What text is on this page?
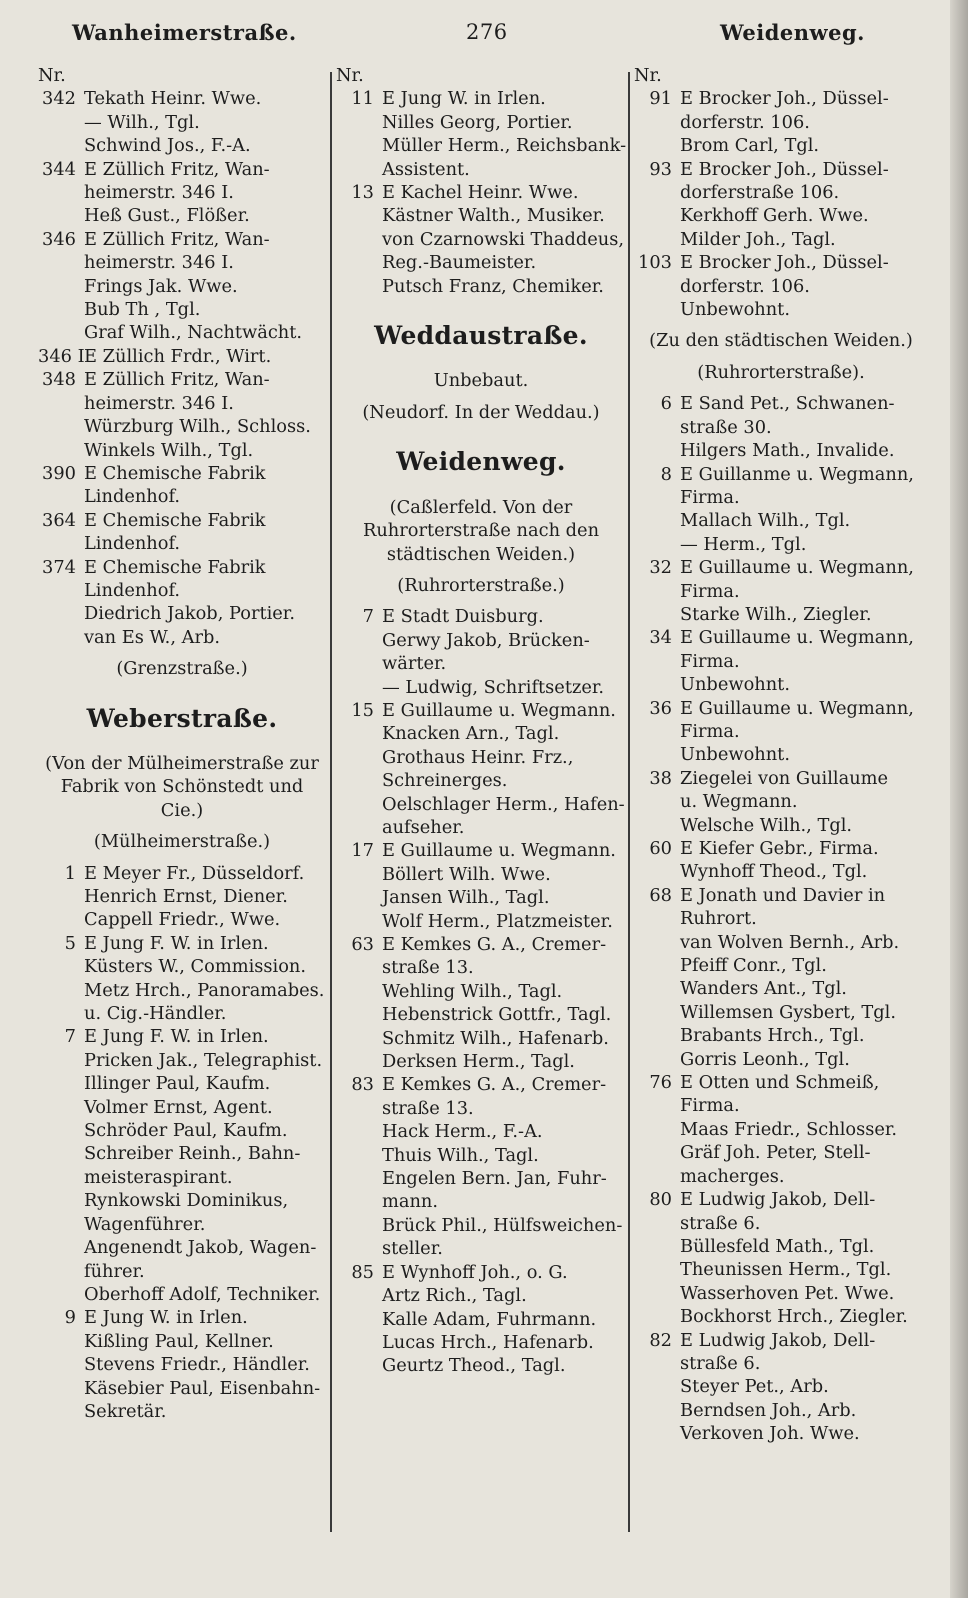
Wanheimerstraße.	276	Weidenweg.
Nr.
342 Tekath Heinr. Wwe.
— Wilh., Tgl.
Schwind Jos., F.-A.
344 E Züllich Fritz, Wan-
heimerstr. 346 I.
Heß Gust., Flößer.
346 E Züllich Fritz, Wan-
heimerstr. 346 I.
Frings Jak. Wwe.
Bub Th , Tgl.
Graf Wilh., Nachtwächt.
346 IE Züllich Frdr., Wirt.
348 E Züllich Fritz, Wan-
heimerstr. 346 I.
Würzburg Wilh., Schloss.
Winkels Wilh., Tgl.
390 E Chemische Fabrik
Lindenhof.
364 E Chemische Fabrik
Lindenhof.
374 E Chemische Fabrik
Lindenhof.
Diedrich Jakob, Portier.
van Es W., Arb.
(Grenzstraße.)
Weberstraße.
(Von der Mülheimerstraße zur Fabrik von Schönstedt und Cie.)
(Mülheimerstraße.)
1 E Meyer Fr., Düsseldorf.
Henrich Ernst, Diener.
Cappell Friedr., Wwe.
5 E Jung F. W. in Irlen.
Küsters W., Commission.
Metz Hrch., Panoramabes.
u. Cig.-Händler.
7 E Jung F. W. in Irlen.
Pricken Jak., Telegraphist.
Illinger Paul, Kaufm.
Volmer Ernst, Agent.
Schröder Paul, Kaufm.
Schreiber Reinh., Bahn-
meisteraspirant.
Rynkowski Dominikus,
Wagenführer.
Angenendt Jakob, Wagen-
führer.
Oberhoff Adolf, Techniker.
9 E Jung W. in Irlen.
Kißling Paul, Kellner.
Stevens Friedr., Händler.
Käsebier Paul, Eisenbahn-
Sekretär.
Nr.
11 E Jung W. in Irlen.
Nilles Georg, Portier.
Müller Herm., Reichsbank-
Assistent.
13 E Kachel Heinr. Wwe.
Kästner Walth., Musiker.
von Czarnowski Thaddeus,
Reg.-Baumeister.
Putsch Franz, Chemiker.
Weddaustraße.
Unbebaut.
(Neudorf. In der Weddau.)
Weidenweg.
(Caßlerfeld. Von der Ruhrorterstraße nach den städtischen Weiden.)
(Ruhrorterstraße.)
7 E Stadt Duisburg.
Gerwy Jakob, Brücken-
wärter.
— Ludwig, Schriftsetzer.
15 E Guillaume u. Wegmann.
Knacken Arn., Tagl.
Grothaus Heinr. Frz.,
Schreinerges.
Oelschlager Herm., Hafen-
aufseher.
17 E Guillaume u. Wegmann.
Böllert Wilh. Wwe.
Jansen Wilh., Tagl.
Wolf Herm., Platzmeister.
63 E Kemkes G. A., Cremer-
straße 13.
Wehling Wilh., Tagl.
Hebenstrick Gottfr., Tagl.
Schmitz Wilh., Hafenarb.
Derksen Herm., Tagl.
83 E Kemkes G. A., Cremer-
straße 13.
Hack Herm., F.-A.
Thuis Wilh., Tagl.
Engelen Bern. Jan, Fuhr-
mann.
Brück Phil., Hülfsweichen-
steller.
85 E Wynhoff Joh., o. G.
Artz Rich., Tagl.
Kalle Adam, Fuhrmann.
Lucas Hrch., Hafenarb.
Geurtz Theod., Tagl.
Nr.
91 E Brocker Joh., Düssel-
dorferstr. 106.
Brom Carl, Tgl.
93 E Brocker Joh., Düssel-
dorferstraße 106.
Kerkhoff Gerh. Wwe.
Milder Joh., Tagl.
103 E Brocker Joh., Düssel-
dorferstr. 106.
Unbewohnt.
(Zu den städtischen Weiden.)
(Ruhrorterstraße).
6 E Sand Pet., Schwanen-
straße 30.
Hilgers Math., Invalide.
8 E Guillanme u. Wegmann,
Firma.
Mallach Wilh., Tgl.
— Herm., Tgl.
32 E Guillaume u. Wegmann,
Firma.
Starke Wilh., Ziegler.
34 E Guillaume u. Wegmann,
Firma.
Unbewohnt.
36 E Guillaume u. Wegmann,
Firma.
Unbewohnt.
38 Ziegelei von Guillaume
u. Wegmann.
Welsche Wilh., Tgl.
60 E Kiefer Gebr., Firma.
Wynhoff Theod., Tgl.
68 E Jonath und Davier in
Ruhrort.
van Wolven Bernh., Arb.
Pfeiff Conr., Tgl.
Wanders Ant., Tgl.
Willemsen Gysbert, Tgl.
Brabants Hrch., Tgl.
Gorris Leonh., Tgl.
76 E Otten und Schmeiß,
Firma.
Maas Friedr., Schlosser.
Gräf Joh. Peter, Stell-
macherges.
80 E Ludwig Jakob, Dell-
straße 6.
Büllesfeld Math., Tgl.
Theunissen Herm., Tgl.
Wasserhoven Pet. Wwe.
Bockhorst Hrch., Ziegler.
82 E Ludwig Jakob, Dell-
straße 6.
Steyer Pet., Arb.
Berndsen Joh., Arb.
Verkoven Joh. Wwe.
